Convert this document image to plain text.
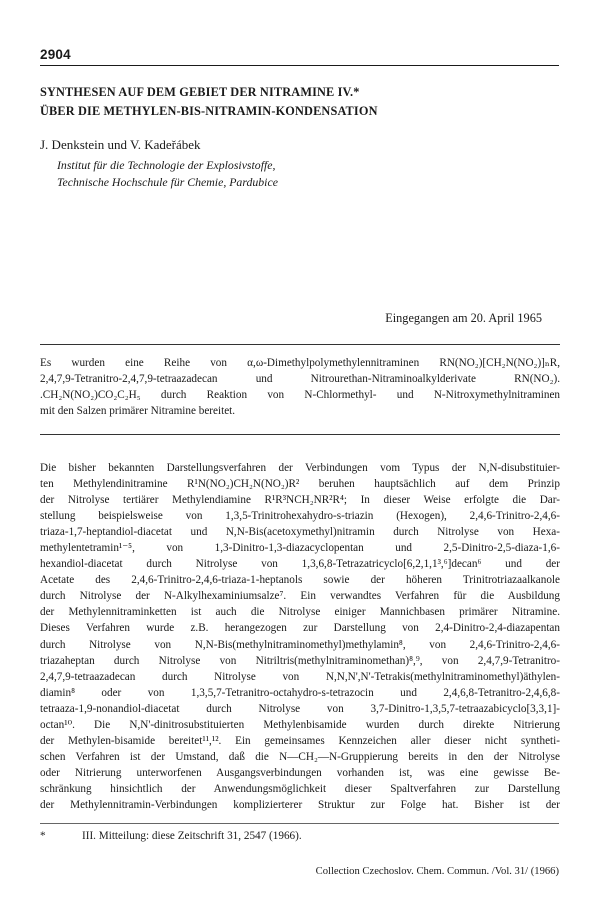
2904
SYNTHESEN AUF DEM GEBIET DER NITRAMINE IV.*
ÜBER DIE METHYLEN-BIS-NITRAMIN-KONDENSATION
J. Denkstein und V. Kadeřábek
Institut für die Technologie der Explosivstoffe,
Technische Hochschule für Chemie, Pardubice
Eingegangen am 20. April 1965
Es wurden eine Reihe von α,ω-Dimethylpolymethylennitraminen RN(NO₂)[CH₂N(NO₂)]ₙR,
2,4,7,9-Tetranitro-2,4,7,9-tetraazadecan und Nitrourethan-Nitraminoalkylderivate RN(NO₂).
.CH₂N(NO₂)CO₂C₂H₅ durch Reaktion von N-Chlormethyl- und N-Nitroxymethylnitraminen
mit den Salzen primärer Nitramine bereitet.
Die bisher bekannten Darstellungsverfahren der Verbindungen vom Typus der N,N-disubstituier-
ten Methylendinitramine R¹N(NO₂)CH₂N(NO₂)R² beruhen hauptsächlich auf dem Prinzip
der Nitrolyse tertiärer Methylendiamine R¹R³NCH₂NR²R⁴; In dieser Weise erfolgte die Dar-
stellung beispielsweise von 1,3,5-Trinitrohexahydro-s-triazin (Hexogen), 2,4,6-Trinitro-2,4,6-
triaza-1,7-heptandiol-diacetat und N,N-Bis(acetoxymethyl)nitramin durch Nitrolyse von Hexa-
methylentetramin¹⁻⁵, von 1,3-Dinitro-1,3-diazacyclopentan und 2,5-Dinitro-2,5-diaza-1,6-
hexandiol-diacetat durch Nitrolyse von 1,3,6,8-Tetrazatricyclo[6,2,1,1³,⁶]decan⁶ und der
Acetate des 2,4,6-Trinitro-2,4,6-triaza-1-heptanols sowie der höheren Trinitrotriazaalkanole
durch Nitrolyse der N-Alkylhexaminiumsalze⁷. Ein verwandtes Verfahren für die Ausbildung
der Methylennitraminketten ist auch die Nitrolyse einiger Mannichbasen primärer Nitramine.
Dieses Verfahren wurde z.B. herangezogen zur Darstellung von 2,4-Dinitro-2,4-diazapentan
durch Nitrolyse von N,N-Bis(methylnitraminomethyl)methylamin⁸, von 2,4,6-Trinitro-2,4,6-
triazaheptan durch Nitrolyse von Nitriltris(methylnitraminomethan)⁸,⁹, von 2,4,7,9-Tetranitro-
2,4,7,9-tetraazadecan durch Nitrolyse von N,N,N',N'-Tetrakis(methylnitraminomethyl)äthylen-
diamin⁸ oder von 1,3,5,7-Tetranitro-octahydro-s-tetrazocin und 2,4,6,8-Tetranitro-2,4,6,8-
tetraaza-1,9-nonandiol-diacetat durch Nitrolyse von 3,7-Dinitro-1,3,5,7-tetraazabicyclo[3,3,1]-
octan¹⁰. Die N,N'-dinitrosubstituierten Methylenbisamide wurden durch direkte Nitrierung
der Methylen-bisamide bereitet¹¹,¹². Ein gemeinsames Kennzeichen aller dieser nicht syntheti-
schen Verfahren ist der Umstand, daß die N—CH₂—N-Gruppierung bereits in den der Nitrolyse
oder Nitrierung unterworfenen Ausgangsverbindungen vorhanden ist, was eine gewisse Be-
schränkung hinsichtlich der Anwendungsmöglichkeit dieser Spaltverfahren zur Darstellung
der Methylennitramin-Verbindungen komplizierterer Struktur zur Folge hat. Bisher ist der
*	III. Mitteilung: diese Zeitschrift 31, 2547 (1966).
Collection Czechoslov. Chem. Commun. /Vol. 31/ (1966)
